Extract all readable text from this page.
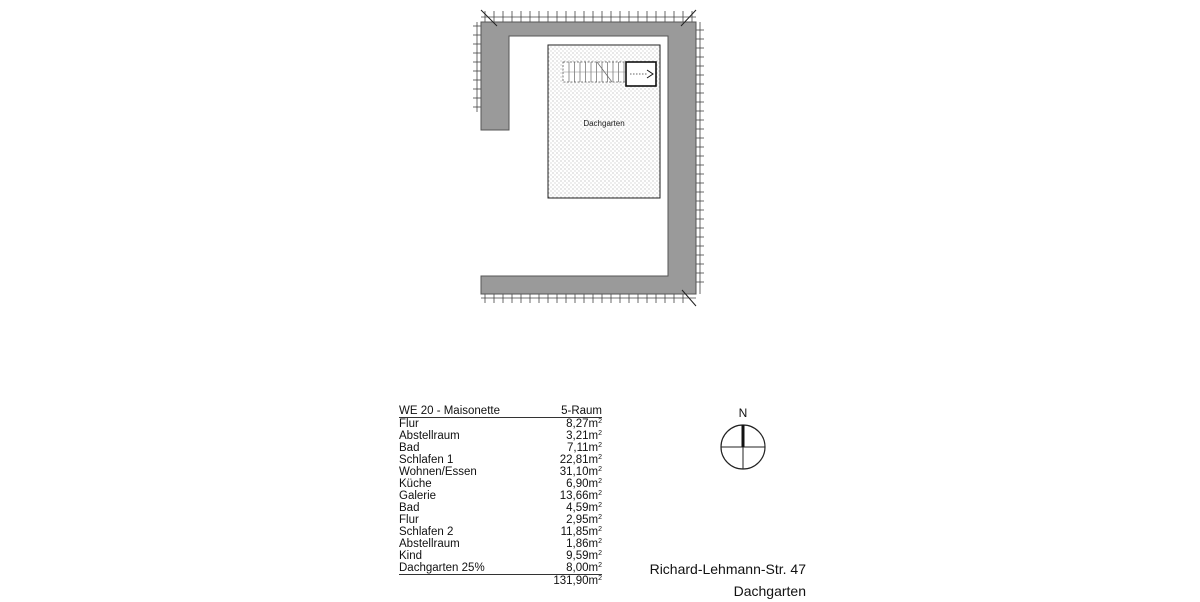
Dachgarten
WE 20 - Maisonette	5-Raum
Flur	$8,27m^2$
Abstellraum	$3,21m^2$
Bad	$7,11m^2$
Schlafen 1	$22,81m^2$
Wohnen/Essen	$31,10m^2$
Küche	$6,90m^2$
Galerie	$13,66m^2$
Bad	$4,59m^2$
Flur	$2,95m^2$
Schlafen 2	$11,85m^2$
Abstellraum	$1,86m^2$
Kind	$9,59m^2$
Dachgarten 25%	$8,00m^2$
$131,90m^2$
N
Richard-Lehmann-Str. 47
Dachgarten
